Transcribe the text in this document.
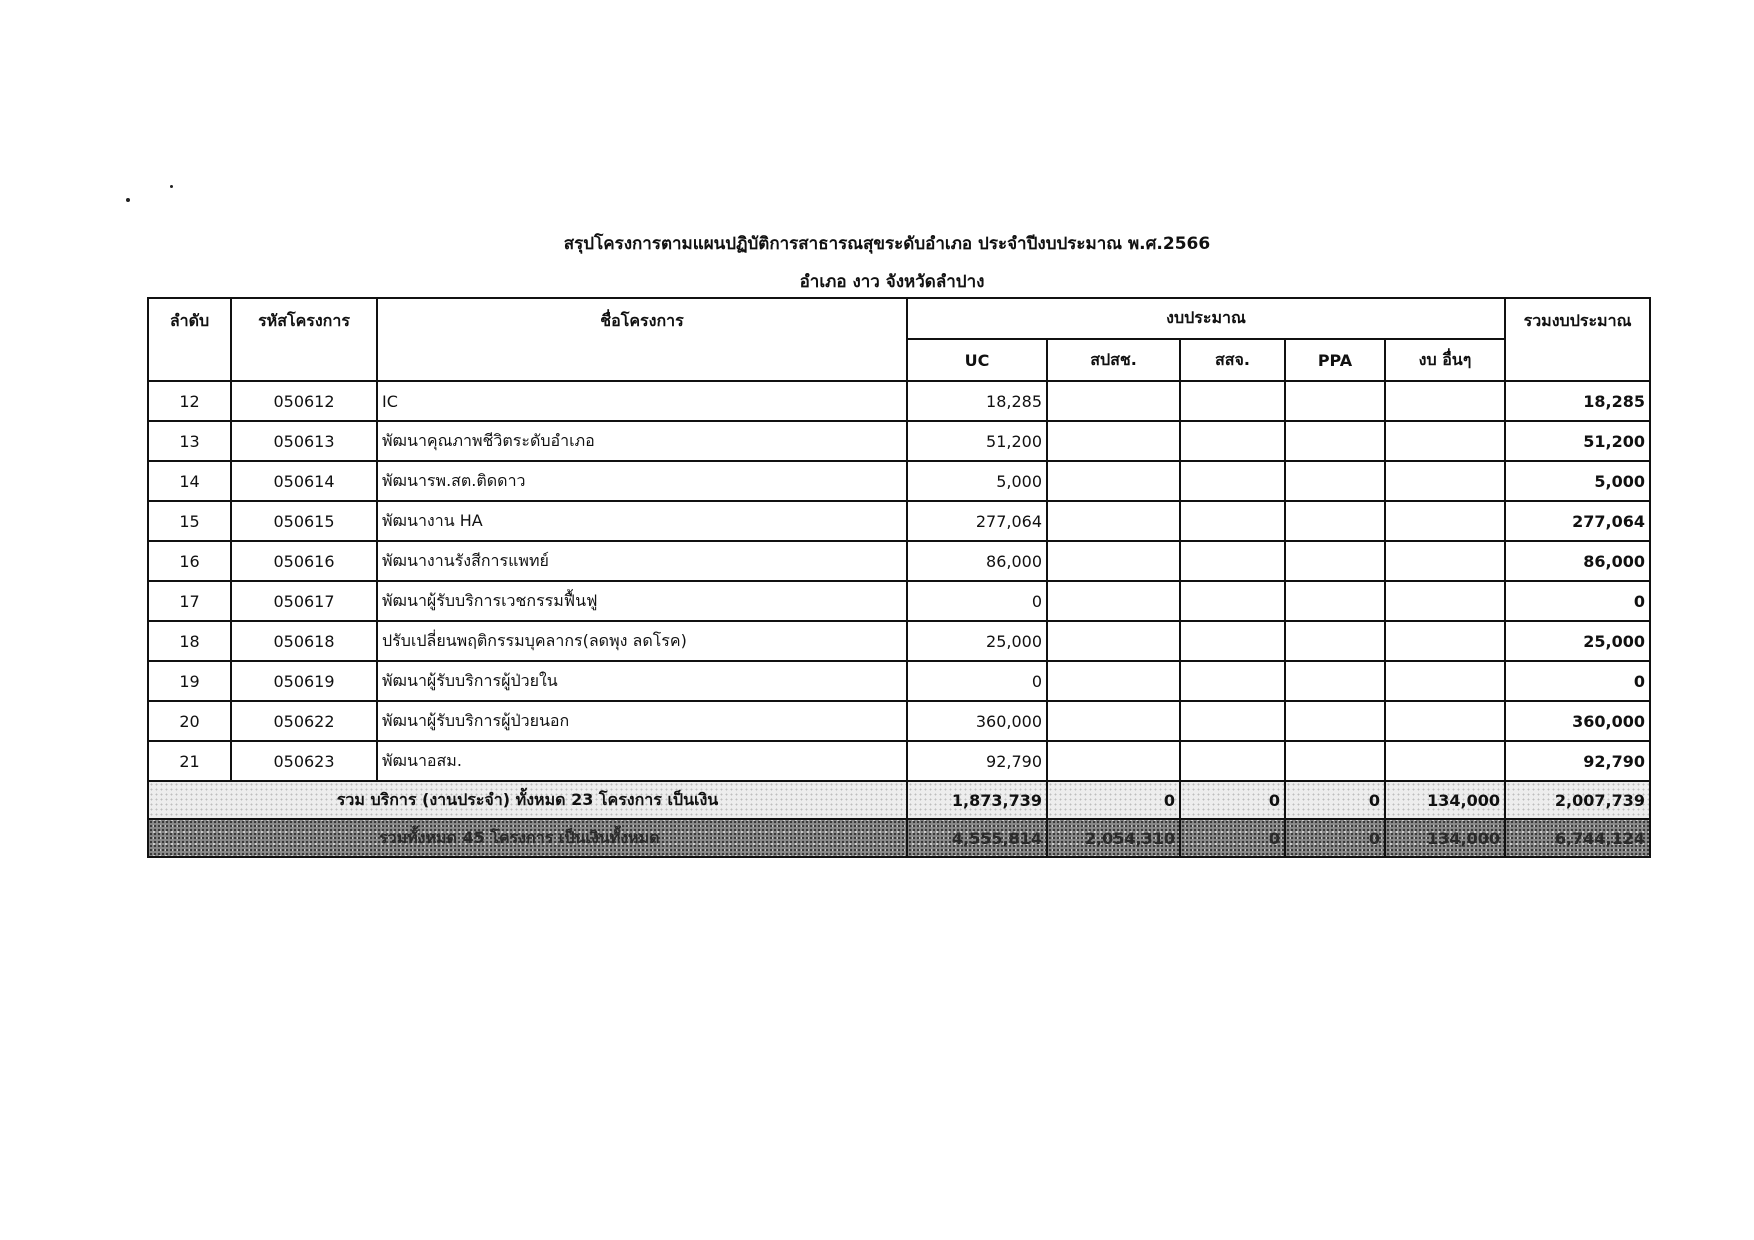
สรุปโครงการตามแผนปฏิบัติการสาธารณสุขระดับอำเภอ ประจำปีงบประมาณ พ.ศ.2566
อำเภอ งาว จังหวัดลำปาง
ลำดับ	รหัสโครงการ	ชื่อโครงการ	งบประมาณ					รวมงบประมาณ
			UC	สปสช.	สสจ.	PPA	งบ อื่นๆ	
12	050612	IC	18,285					18,285
13	050613	พัฒนาคุณภาพชีวิตระดับอำเภอ	51,200					51,200
14	050614	พัฒนารพ.สต.ติดดาว	5,000					5,000
15	050615	พัฒนางาน HA	277,064					277,064
16	050616	พัฒนางานรังสีการแพทย์	86,000					86,000
17	050617	พัฒนาผู้รับบริการเวชกรรมฟื้นฟู	0					0
18	050618	ปรับเปลี่ยนพฤติกรรมบุคลากร(ลดพุง ลดโรค)	25,000					25,000
19	050619	พัฒนาผู้รับบริการผู้ป่วยใน	0					0
20	050622	พัฒนาผู้รับบริการผู้ป่วยนอก	360,000					360,000
21	050623	พัฒนาอสม.	92,790					92,790
รวม บริการ (งานประจำ) ทั้งหมด 23 โครงการ เป็นเงิน			1,873,739	0	0	0	134,000	2,007,739
รวมทั้งหมด 45 โครงการ เป็นเงินทั้งหมด			4,555,814	2,054,310	0	0	134,000	6,744,124
